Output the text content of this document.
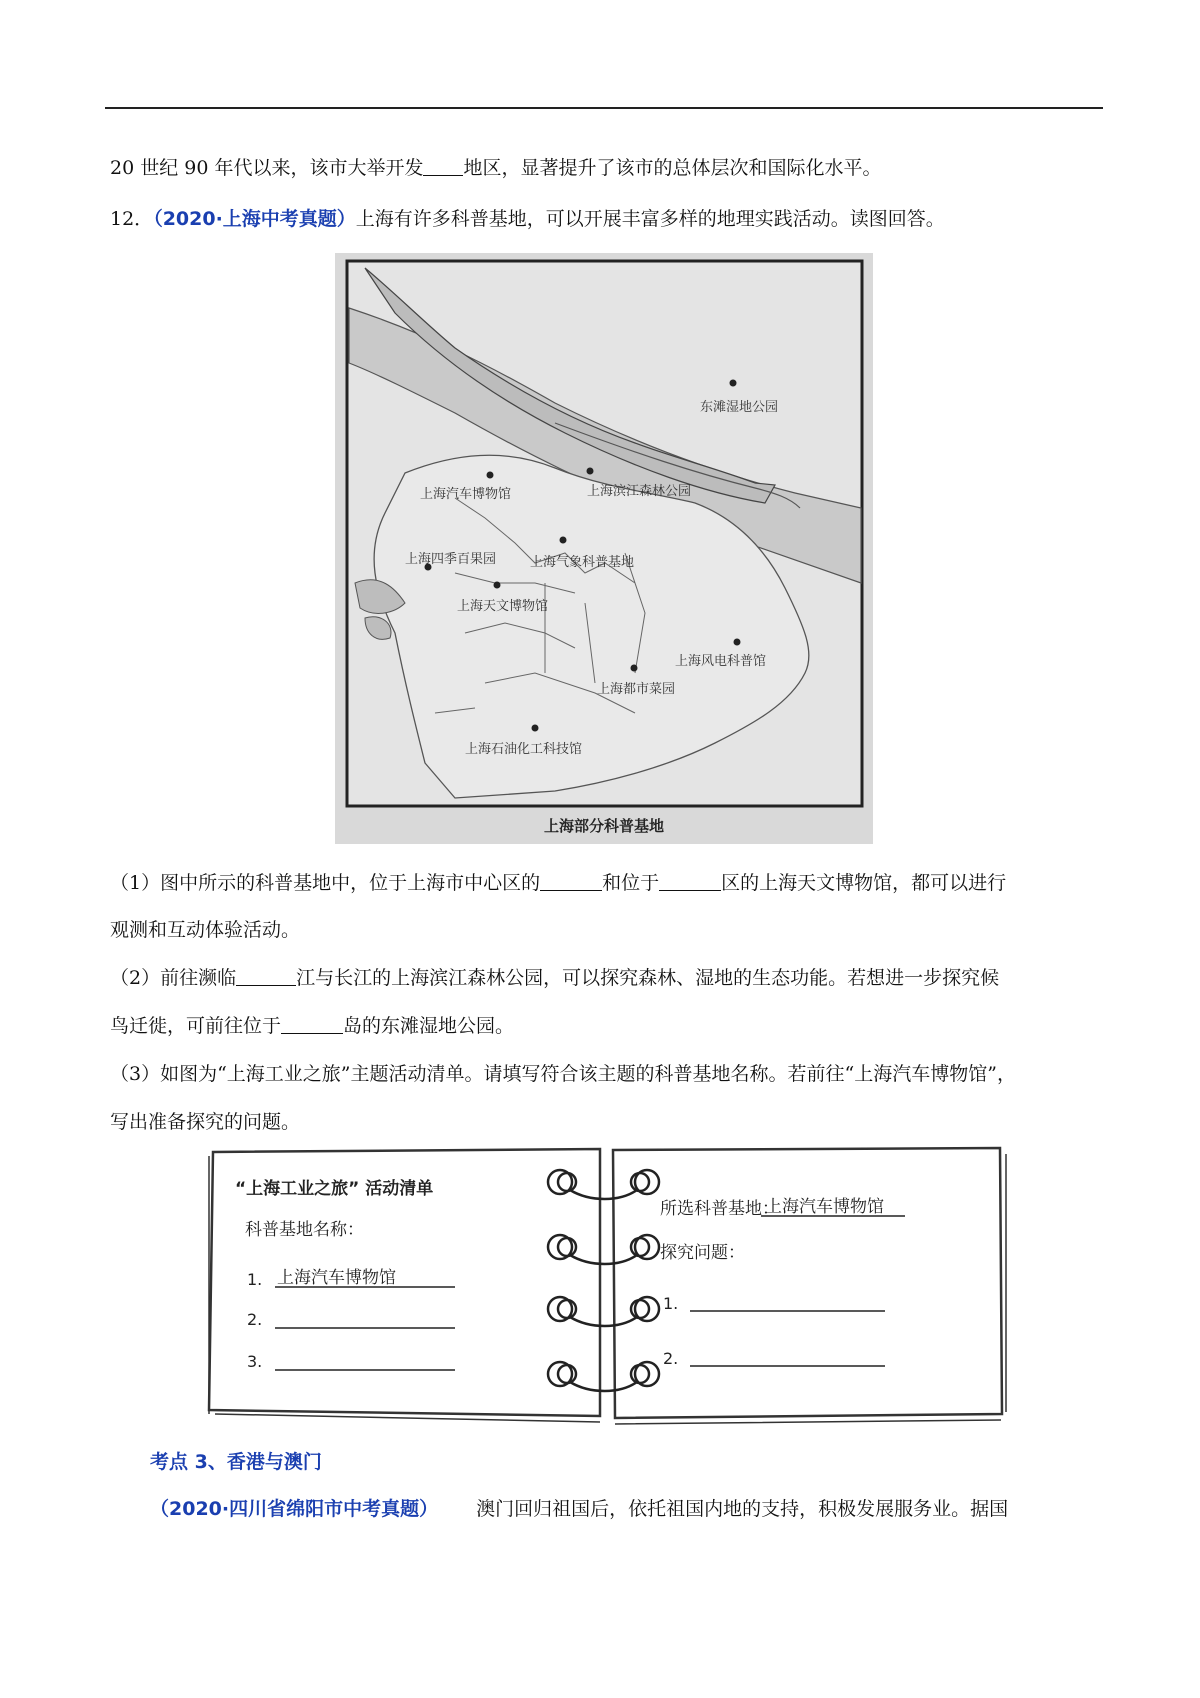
20 世纪 90 年代以来，该市大举开发 地区，显著提升了该市的总体层次和国际化水平。
12．（2020·上海中考真题）上海有许多科普基地，可以开展丰富多样的地理实践活动。读图回答。
东滩湿地公园
上海汽车博物馆	上海滨江森林公园
上海四季百果园	上海气象科普基地
上海天文博物馆
上海风电科普馆
上海都市菜园
上海石油化工科技馆
上海部分科普基地
（1）图中所示的科普基地中，位于上海市中心区的	和位于	区的上海天文博物馆，都可以进行
观测和互动体验活动。
（2）前往濒临	江与长江的上海滨江森林公园，可以探究森林、湿地的生态功能。若想进一步探究候
鸟迁徙，可前往位于	岛的东滩湿地公园。
（3）如图为“上海工业之旅”主题活动清单。请填写符合该主题的科普基地名称。若前往“上海汽车博物馆”，
写出准备探究的问题。
“上海工业之旅” 活动清单
科普基地名称：
1. 上海汽车博物馆
2.
3.
所选科普基地：
上海汽车博物馆
探究问题：
1.
2.
考点 3、香港与澳门
（2020·四川省绵阳市中考真题） 澳门回归祖国后，依托祖国内地的支持，积极发展服务业。据国
